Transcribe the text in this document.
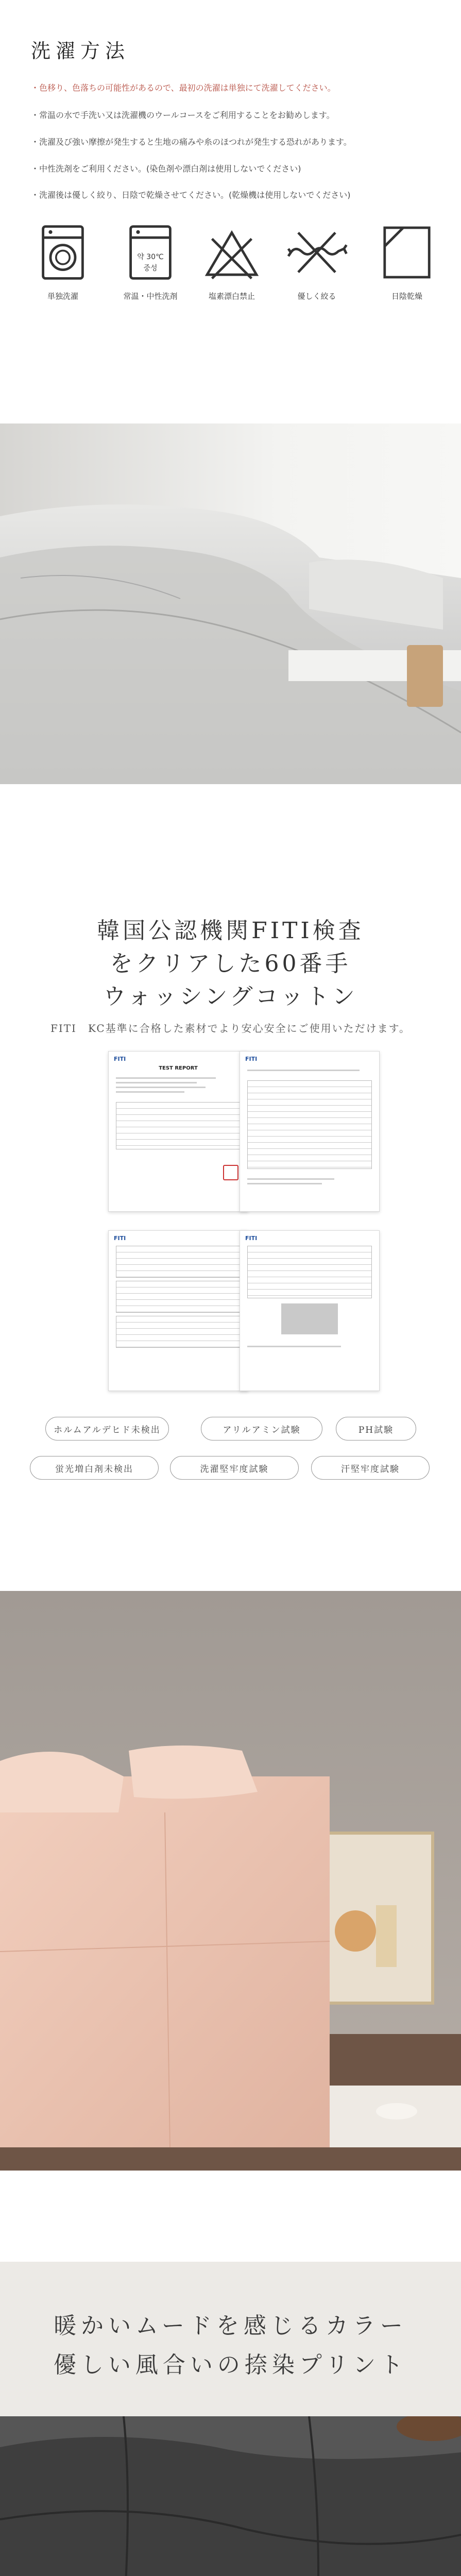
洗濯方法
・色移り、色落ちの可能性があるので、最初の洗濯は単独にて洗濯してください。
・常温の水で手洗い又は洗濯機のウールコースをご利用することをお勧めします。
・洗濯及び強い摩擦が発生すると生地の痛みや糸のほつれが発生する恐れがあります。
・中性洗剤をご利用ください。(染色剤や漂白剤は使用しないでください)
・洗濯後は優しく絞り、日陰で乾燥させてください。(乾燥機は使用しないでください)
単独洗濯
약 30℃
중성
常温・中性洗剤	塩素漂白禁止	優しく絞る	日陰乾燥
韓国公認機関FITI検査
をクリアした60番手
ウォッシングコットン
FITI　KC基準に合格した素材でより安心安全にご使用いただけます。
FITI
TEST REPORT
FITI
FITI	FITI
ホルムアルデヒド未検出	アリルアミン試験	PH試験
蛍光増白剤未検出	洗濯堅牢度試験	汗堅牢度試験
暖かいムードを感じるカラー
優しい風合いの捺染プリント
